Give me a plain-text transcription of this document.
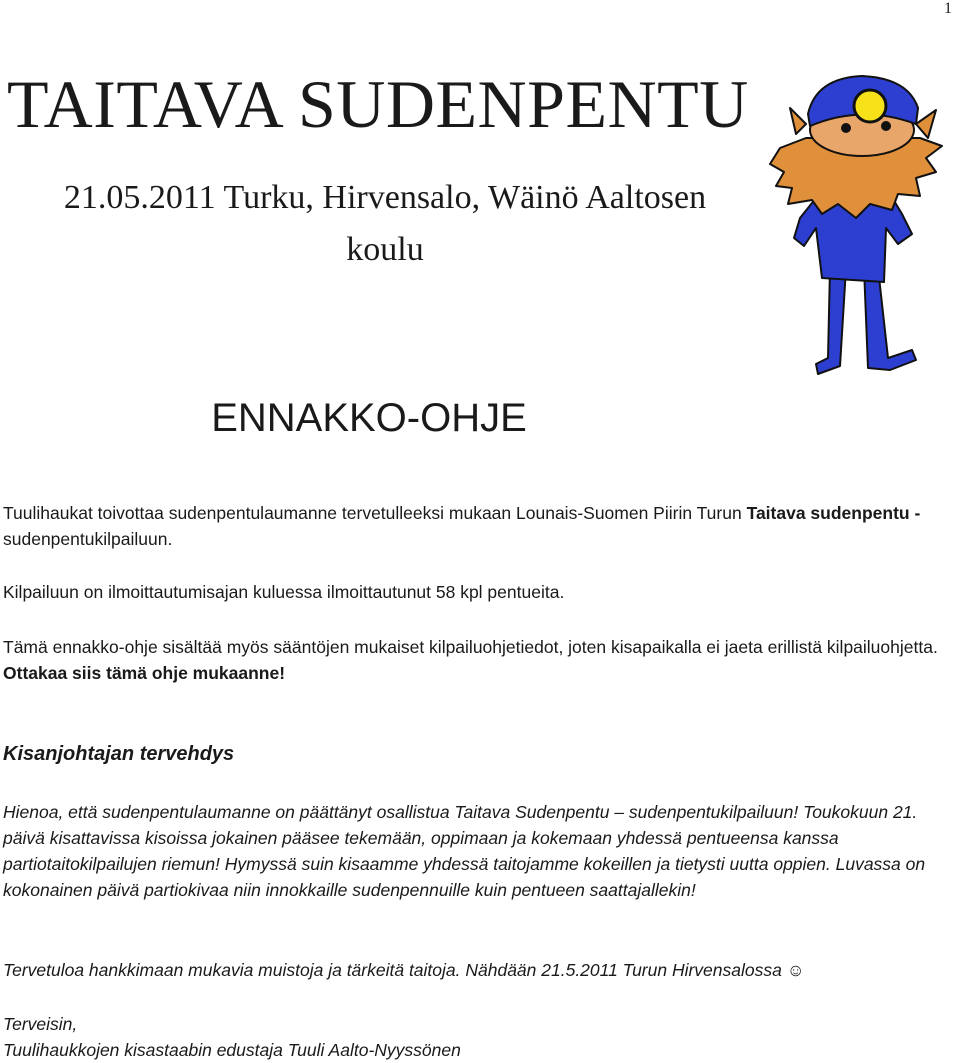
1
TAITAVA SUDENPENTU
21.05.2011 Turku, Hirvensalo, Wäinö Aaltosen koulu
ENNAKKO-OHJE

Tuulihaukat toivottaa sudenpentulaumanne tervetulleeksi mukaan Lounais-Suomen Piirin Turun Taitava sudenpentu -sudenpentukilpailuun.

Kilpailuun on ilmoittautumisajan kuluessa ilmoittautunut 58 kpl pentueita.

Tämä ennakko-ohje sisältää myös sääntöjen mukaiset kilpailuohjetiedot, joten kisapaikalla ei jaeta erillistä kilpailuohjetta. Ottakaa siis tämä ohje mukaanne!

Kisanjohtajan tervehdys

Hienoa, että sudenpentulaumanne on päättänyt osallistua Taitava Sudenpentu – sudenpentukilpailuun! Toukokuun 21. päivä kisattavissa kisoissa jokainen pääsee tekemään, oppimaan ja kokemaan yhdessä pentueensa kanssa partiotaitokilpailujen riemun! Hymyssä suin kisaamme yhdessä taitojamme kokeillen ja tietysti uutta oppien. Luvassa on kokonainen päivä partiokivaa niin innokkaille sudenpennuille kuin pentueen saattajallekin!

Tervetuloa hankkimaan mukavia muistoja ja tärkeitä taitoja. Nähdään 21.5.2011 Turun Hirvensalossa ☺

Terveisin,

Tuulihaukkojen kisastaabin edustaja Tuuli Aalto-Nyyssönen
